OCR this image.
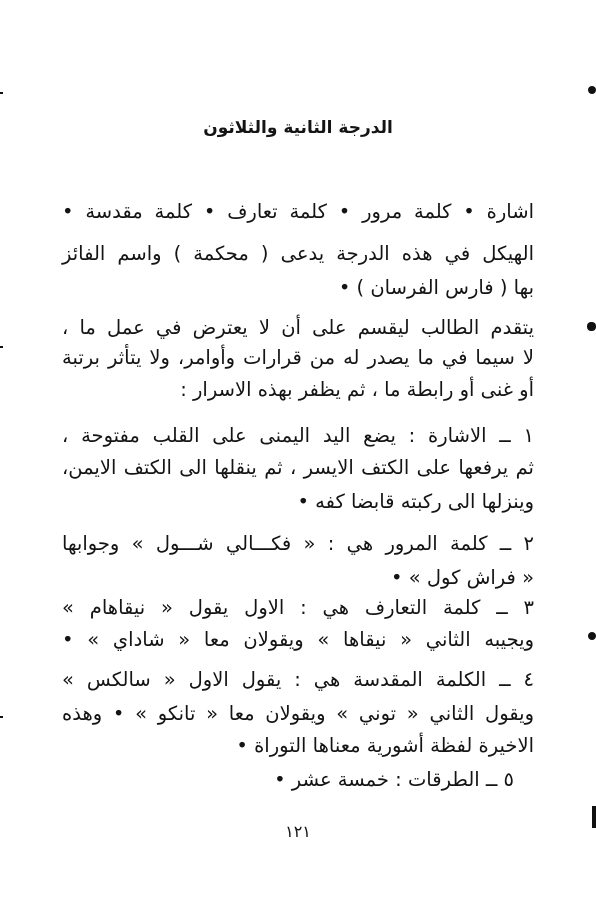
الدرجة الثانية والثلاثون
اشارة • كلمة مرور • كلمة تعارف • كلمة مقدسة •
الهيكل في هذه الدرجة يدعى ( محكمة ) واسم الفائز
بها ( فارس الفرسان ) •
يتقدم الطالب ليقسم على أن لا يعترض في عمل ما ،
لا سيما في ما يصدر له من قرارات وأوامر، ولا يتأثر برتبة
أو غنى أو رابطة ما ، ثم يظفر بهذه الاسرار :
١ ــ الاشارة : يضع اليد اليمنى على القلب مفتوحة ،
ثم يرفعها على الكتف الايسر ، ثم ينقلها الى الكتف الايمن،
وينزلها الى ركبته قابضا كفه •
٢ ــ كلمة المرور هي : « فكـــالي شـــول » وجوابها
« فراش كول » •
٣ ــ كلمة التعارف هي : الاول يقول « نيقاهام »
ويجيبه الثاني « نيقاها » ويقولان معا « شاداي » •
٤ ــ الكلمة المقدسة هي : يقول الاول « سالكس »
ويقول الثاني « توني » ويقولان معا « تانكو » • وهذه
الاخيرة لفظة أشورية معناها التوراة •
٥ ــ الطرقات : خمسة عشر •
١٢١
